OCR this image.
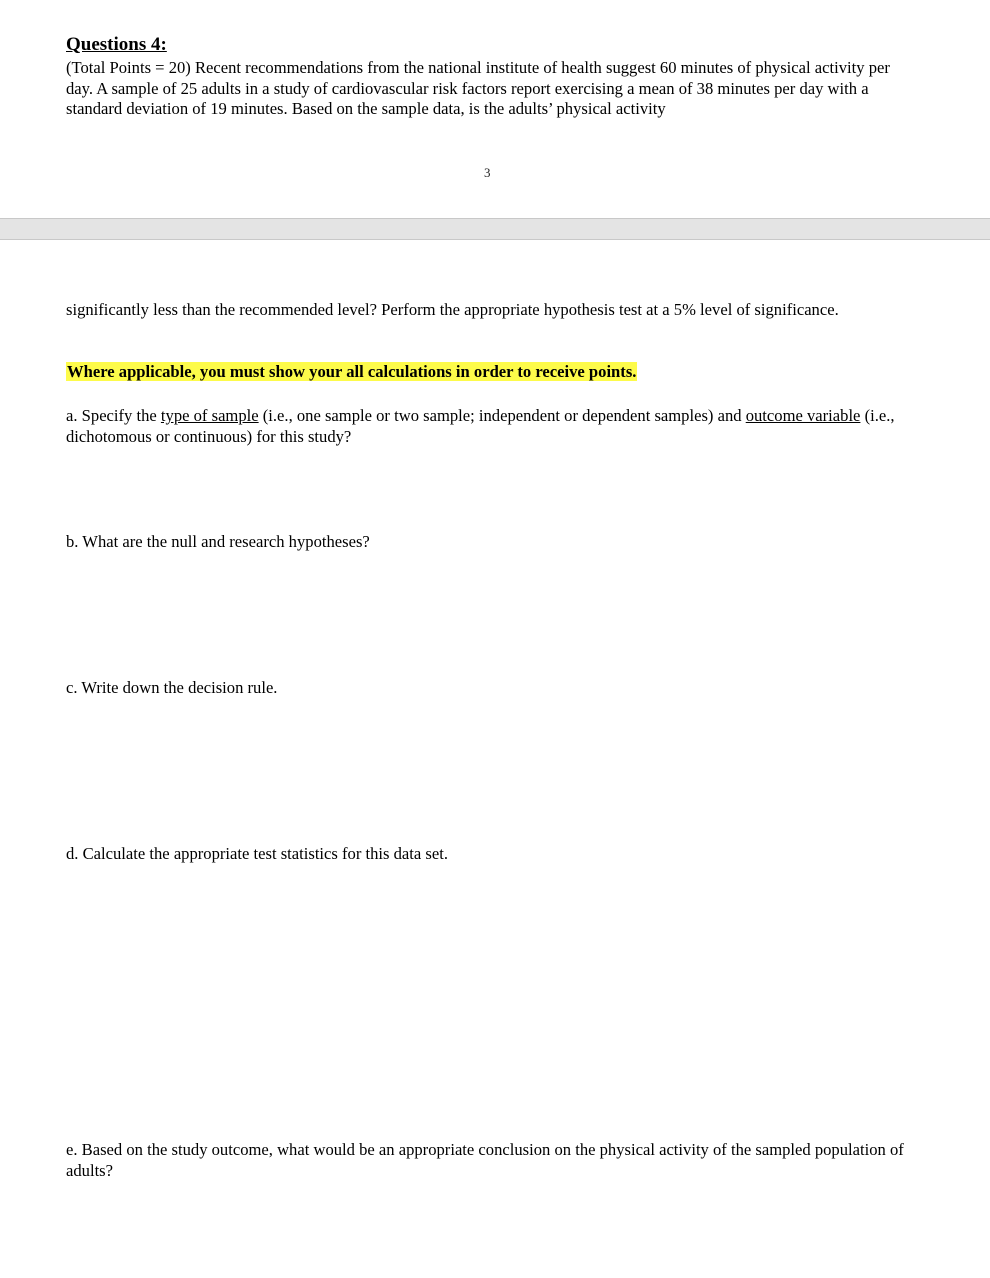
Questions 4:
(Total Points = 20) Recent recommendations from the national institute of health suggest 60 minutes of physical activity per day. A sample of 25 adults in a study of cardiovascular risk factors report exercising a mean of 38 minutes per day with a standard deviation of 19 minutes. Based on the sample data, is the adults’ physical activity
3
significantly less than the recommended level? Perform the appropriate hypothesis test at a 5% level of significance.
Where applicable, you must show your all calculations in order to receive points.
a. Specify the type of sample (i.e., one sample or two sample; independent or dependent samples) and outcome variable (i.e., dichotomous or continuous) for this study?
b. What are the null and research hypotheses?
c. Write down the decision rule.
d. Calculate the appropriate test statistics for this data set.
e. Based on the study outcome, what would be an appropriate conclusion on the physical activity of the sampled population of adults?
